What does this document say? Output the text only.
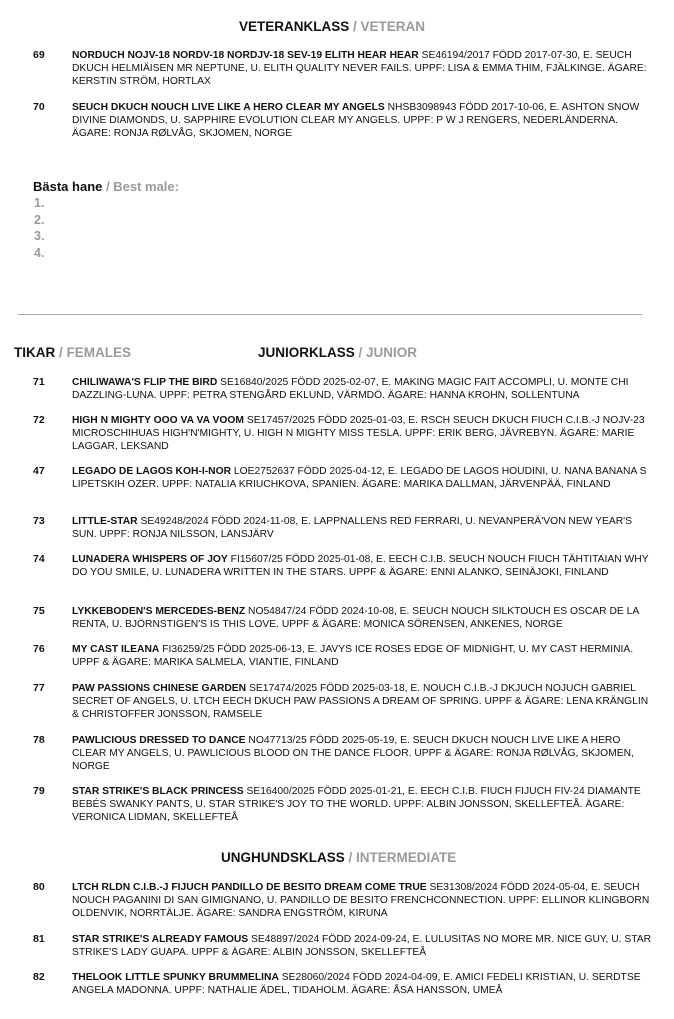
VETERANKLASS / VETERAN
69	NORDUCH NOJV-18 NORDV-18 NORDJV-18 SEV-19 ELITH HEAR HEAR SE46194/2017 FÖDD 2017-07-30, E. SEUCH DKUCH HELMIÄISEN MR NEPTUNE, U. ELITH QUALITY NEVER FAILS. UPPF: LISA & EMMA THIM, FJÄLKINGE. ÄGARE: KERSTIN STRÖM, HORTLAX
70	SEUCH DKUCH NOUCH LIVE LIKE A HERO CLEAR MY ANGELS NHSB3098943 FÖDD 2017-10-06, E. ASHTON SNOW DIVINE DIAMONDS, U. SAPPHIRE EVOLUTION CLEAR MY ANGELS. UPPF: P W J RENGERS, NEDERLÄNDERNA. ÄGARE: RONJA RØLVÅG, SKJOMEN, NORGE
Bästa hane / Best male:
1.
2.
3.
4.
TIKAR / FEMALES	JUNIORKLASS / JUNIOR
71	CHILIWAWA'S FLIP THE BIRD SE16840/2025 FÖDD 2025-02-07, E. MAKING MAGIC FAIT ACCOMPLI, U. MONTE CHI DAZZLING-LUNA. UPPF: PETRA STENGÅRD EKLUND, VÄRMDÖ. ÄGARE: HANNA KROHN, SOLLENTUNA
72	HIGH N MIGHTY OOO VA VA VOOM SE17457/2025 FÖDD 2025-01-03, E. RSCH SEUCH DKUCH FIUCH C.I.B.-J NOJV-23 MICROSCHIHUAS HIGH'N'MIGHTY, U. HIGH N MIGHTY MISS TESLA. UPPF: ERIK BERG, JÄVREBYN. ÄGARE: MARIE LAGGAR, LEKSAND
47	LEGADO DE LAGOS KOH-I-NOR LOE2752637 FÖDD 2025-04-12, E. LEGADO DE LAGOS HOUDINI, U. NANA BANANA S LIPETSKIH OZER. UPPF: NATALIA KRIUCHKOVA, SPANIEN. ÄGARE: MARIKA DALLMAN, JÄRVENPÄÄ, FINLAND
73	LITTLE-STAR SE49248/2024 FÖDD 2024-11-08, E. LAPPNALLENS RED FERRARI, U. NEVANPERÄ'VON NEW YEAR'S SUN. UPPF: RONJA NILSSON, LANSJÄRV
74	LUNADERA WHISPERS OF JOY FI15607/25 FÖDD 2025-01-08, E. EECH C.I.B. SEUCH NOUCH FIUCH TÄHTITAIAN WHY DO YOU SMILE, U. LUNADERA WRITTEN IN THE STARS. UPPF & ÄGARE: ENNI ALANKO, SEINÄJOKI, FINLAND
75	LYKKEBODEN'S MERCEDES-BENZ NO54847/24 FÖDD 2024-10-08, E. SEUCH NOUCH SILKTOUCH ES OSCAR DE LA RENTA, U. BJÖRNSTIGEN'S IS THIS LOVE. UPPF & ÄGARE: MONICA SÖRENSEN, ANKENES, NORGE
76	MY CAST ILEANA FI36259/25 FÖDD 2025-06-13, E. JAVYS ICE ROSES EDGE OF MIDNIGHT, U. MY CAST HERMINIA. UPPF & ÄGARE: MARIKA SALMELA, VIANTIE, FINLAND
77	PAW PASSIONS CHINESE GARDEN SE17474/2025 FÖDD 2025-03-18, E. NOUCH C.I.B.-J DKJUCH NOJUCH GABRIEL SECRET OF ANGELS, U. LTCH EECH DKUCH PAW PASSIONS A DREAM OF SPRING. UPPF & ÄGARE: LENA KRÄNGLIN & CHRISTOFFER JONSSON, RAMSELE
78	PAWLICIOUS DRESSED TO DANCE NO47713/25 FÖDD 2025-05-19, E. SEUCH DKUCH NOUCH LIVE LIKE A HERO CLEAR MY ANGELS, U. PAWLICIOUS BLOOD ON THE DANCE FLOOR. UPPF & ÄGARE: RONJA RØLVÅG, SKJOMEN, NORGE
79	STAR STRIKE'S BLACK PRINCESS SE16400/2025 FÖDD 2025-01-21, E. EECH C.I.B. FIUCH FIJUCH FIV-24 DIAMANTE BEBÉS SWANKY PANTS, U. STAR STRIKE'S JOY TO THE WORLD. UPPF: ALBIN JONSSON, SKELLEFTEÅ. ÄGARE: VERONICA LIDMAN, SKELLEFTEÅ
UNGHUNDSKLASS / INTERMEDIATE
80	LTCH RLDN C.I.B.-J FIJUCH PANDILLO DE BESITO DREAM COME TRUE SE31308/2024 FÖDD 2024-05-04, E. SEUCH NOUCH PAGANINI DI SAN GIMIGNANO, U. PANDILLO DE BESITO FRENCHCONNECTION. UPPF: ELLINOR KLINGBORN OLDENVIK, NORRTÄLJE. ÄGARE: SANDRA ENGSTRÖM, KIRUNA
81	STAR STRIKE'S ALREADY FAMOUS SE48897/2024 FÖDD 2024-09-24, E. LULUSITAS NO MORE MR. NICE GUY, U. STAR STRIKE'S LADY GUAPA. UPPF & ÄGARE: ALBIN JONSSON, SKELLEFTEÅ
82	THELOOK LITTLE SPUNKY BRUMMELINA SE28060/2024 FÖDD 2024-04-09, E. AMICI FEDELI KRISTIAN, U. SERDTSE ANGELA MADONNA. UPPF: NATHALIE ÄDEL, TIDAHOLM. ÄGARE: ÅSA HANSSON, UMEÅ
